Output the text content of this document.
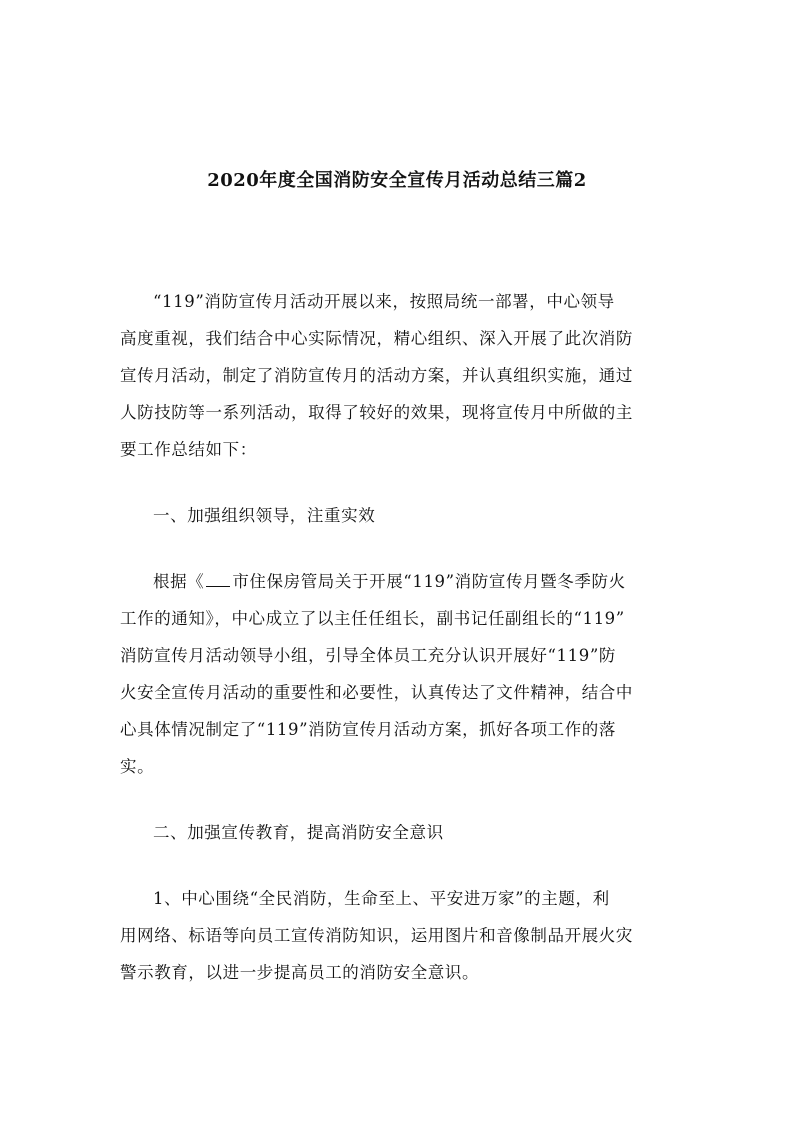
2020年度全国消防安全宣传月活动总结三篇2

“119”消防宣传月活动开展以来，按照局统一部署，中心领导
高度重视，我们结合中心实际情况，精心组织、深入开展了此次消防
宣传月活动，制定了消防宣传月的活动方案，并认真组织实施，通过
人防技防等一系列活动，取得了较好的效果，现将宣传月中所做的主
要工作总结如下：

一、加强组织领导，注重实效

根据《 市住保房管局关于开展“119”消防宣传月暨冬季防火
工作的通知》，中心成立了以主任任组长，副书记任副组长的“119”
消防宣传月活动领导小组，引导全体员工充分认识开展好“119”防
火安全宣传月活动的重要性和必要性，认真传达了文件精神，结合中
心具体情况制定了“119”消防宣传月活动方案，抓好各项工作的落
实。

二、加强宣传教育，提高消防安全意识

1、中心围绕“全民消防，生命至上、平安进万家”的主题，利
用网络、标语等向员工宣传消防知识，运用图片和音像制品开展火灾
警示教育，以进一步提高员工的消防安全意识。
